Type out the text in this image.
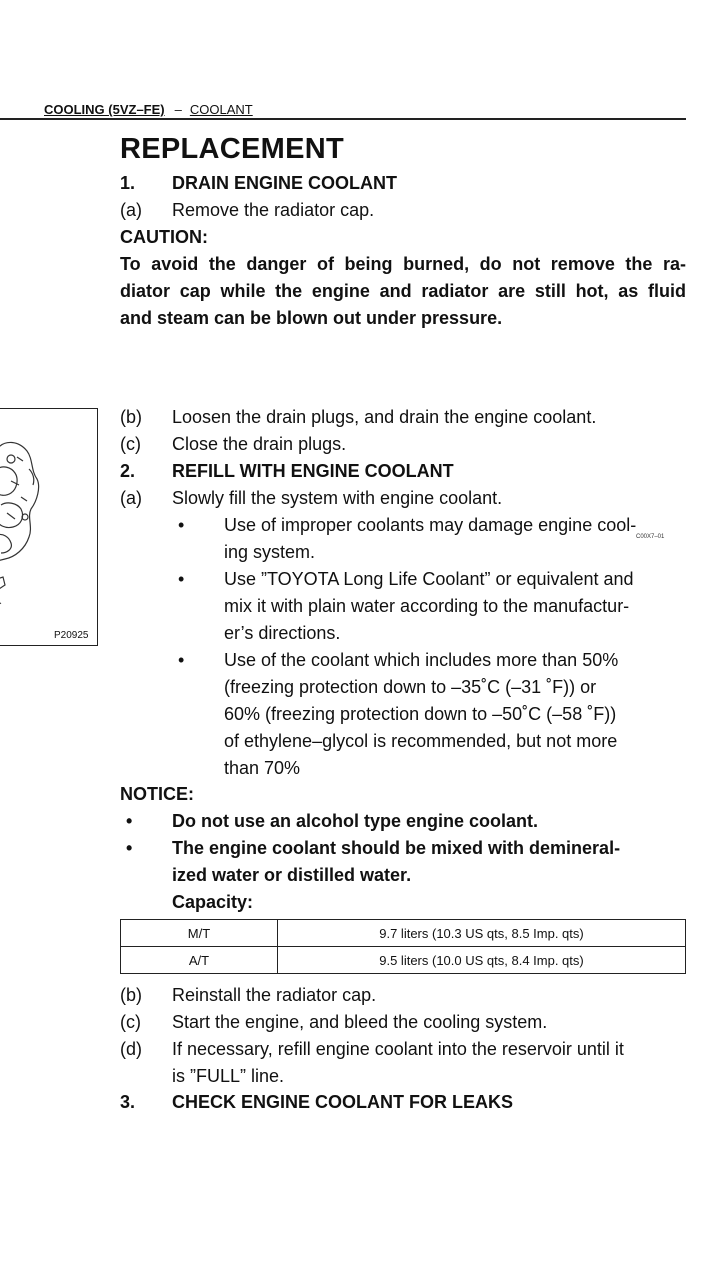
COOLING (5VZ–FE) – COOLANT
REPLACEMENT
1. DRAIN ENGINE COOLANT
(a) Remove the radiator cap.
CAUTION:
To avoid the danger of being burned, do not remove the ra-
diator cap while the engine and radiator are still hot, as fluid
and steam can be blown out under pressure.
P20925
(b) Loosen the drain plugs, and drain the engine coolant.
(c) Close the drain plugs.
2. REFILL WITH ENGINE COOLANT
(a) Slowly fill the system with engine coolant.
• Use of improper coolants may damage engine cool-
C00X7–01
ing system.
• Use ”TOYOTA Long Life Coolant” or equivalent and
mix it with plain water according to the manufactur-
er’s directions.
• Use of the coolant which includes more than 50%
(freezing protection down to –35˚C (–31 ˚F)) or
60% (freezing protection down to –50˚C (–58 ˚F))
of ethylene–glycol is recommended, but not more
than 70%
NOTICE:
• Do not use an alcohol type engine coolant.
• The engine coolant should be mixed with demineral-
ized water or distilled water.
Capacity:
M/T	9.7 liters (10.3 US qts, 8.5 Imp. qts)
A/T	9.5 liters (10.0 US qts, 8.4 Imp. qts)
(b) Reinstall the radiator cap.
(c) Start the engine, and bleed the cooling system.
(d) If necessary, refill engine coolant into the reservoir until it
is ”FULL” line.
3. CHECK ENGINE COOLANT FOR LEAKS
